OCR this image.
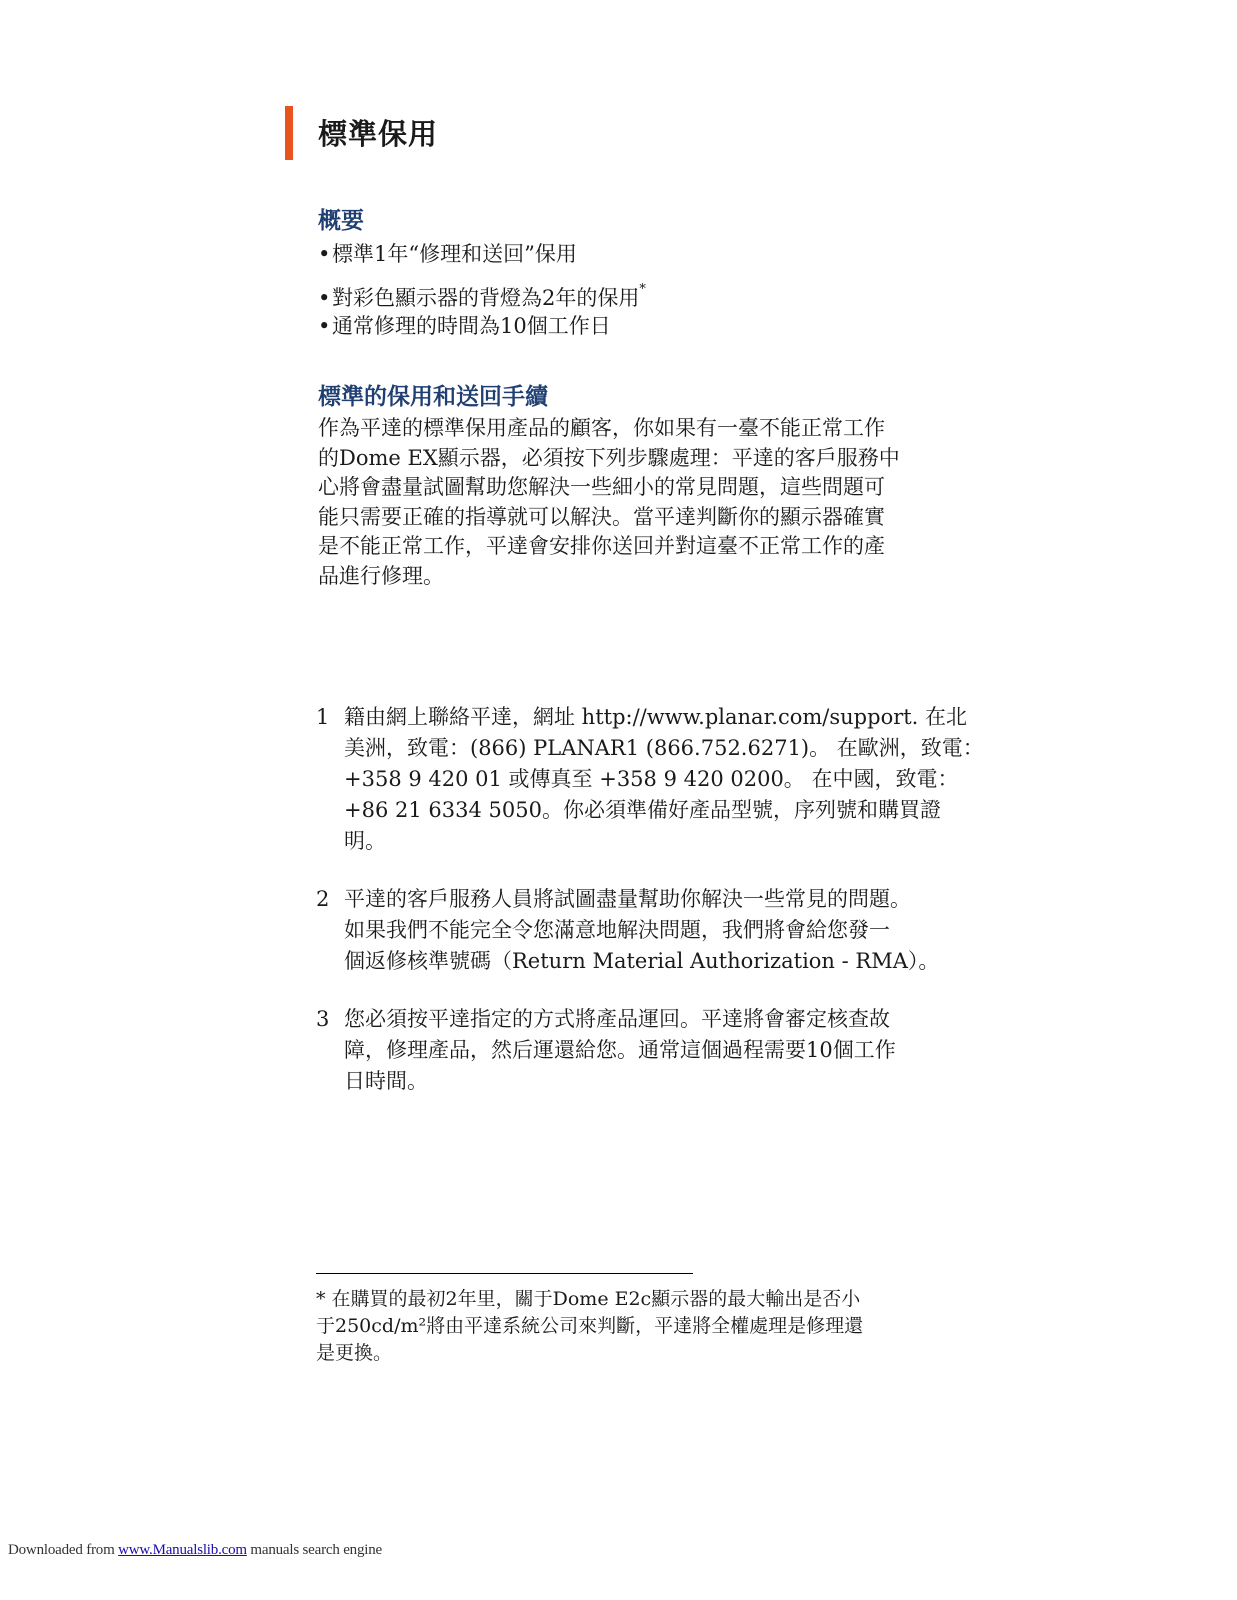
標準保用
概要
•標準1年“修理和送回”保用
•對彩色顯示器的背燈為2年的保用*
•通常修理的時間為10個工作日
標準的保用和送回手續

作為平達的標準保用產品的顧客，你如果有一臺不能正常工作
的Dome EX顯示器，必須按下列步驟處理：平達的客戶服務中
心將會盡量試圖幫助您解決一些細小的常見問題，這些問題可
能只需要正確的指導就可以解決。當平達判斷你的顯示器確實
是不能正常工作，平達會安排你送回并對這臺不正常工作的產
品進行修理。

1 籍由網上聯絡平達，網址 http://www.planar.com/support. 在北
美洲，致電：(866) PLANAR1 (866.752.6271)。 在歐洲，致電：
+358 9 420 01 或傳真至 +358 9 420 0200。 在中國，致電：
+86 21 6334 5050。你必須準備好產品型號，序列號和購買證
明。
2 平達的客戶服務人員將試圖盡量幫助你解決一些常見的問題。
如果我們不能完全令您滿意地解決問題，我們將會給您發一
個返修核準號碼（Return Material Authorization - RMA）。
3 您必須按平達指定的方式將產品運回。平達將會審定核查故
障，修理產品，然后運還給您。通常這個過程需要10個工作
日時間。

* 在購買的最初2年里，關于Dome E2c顯示器的最大輸出是否小
于250cd/m²將由平達系統公司來判斷，平達將全權處理是修理還
是更換。

Downloaded from www.Manualslib.com manuals search engine
